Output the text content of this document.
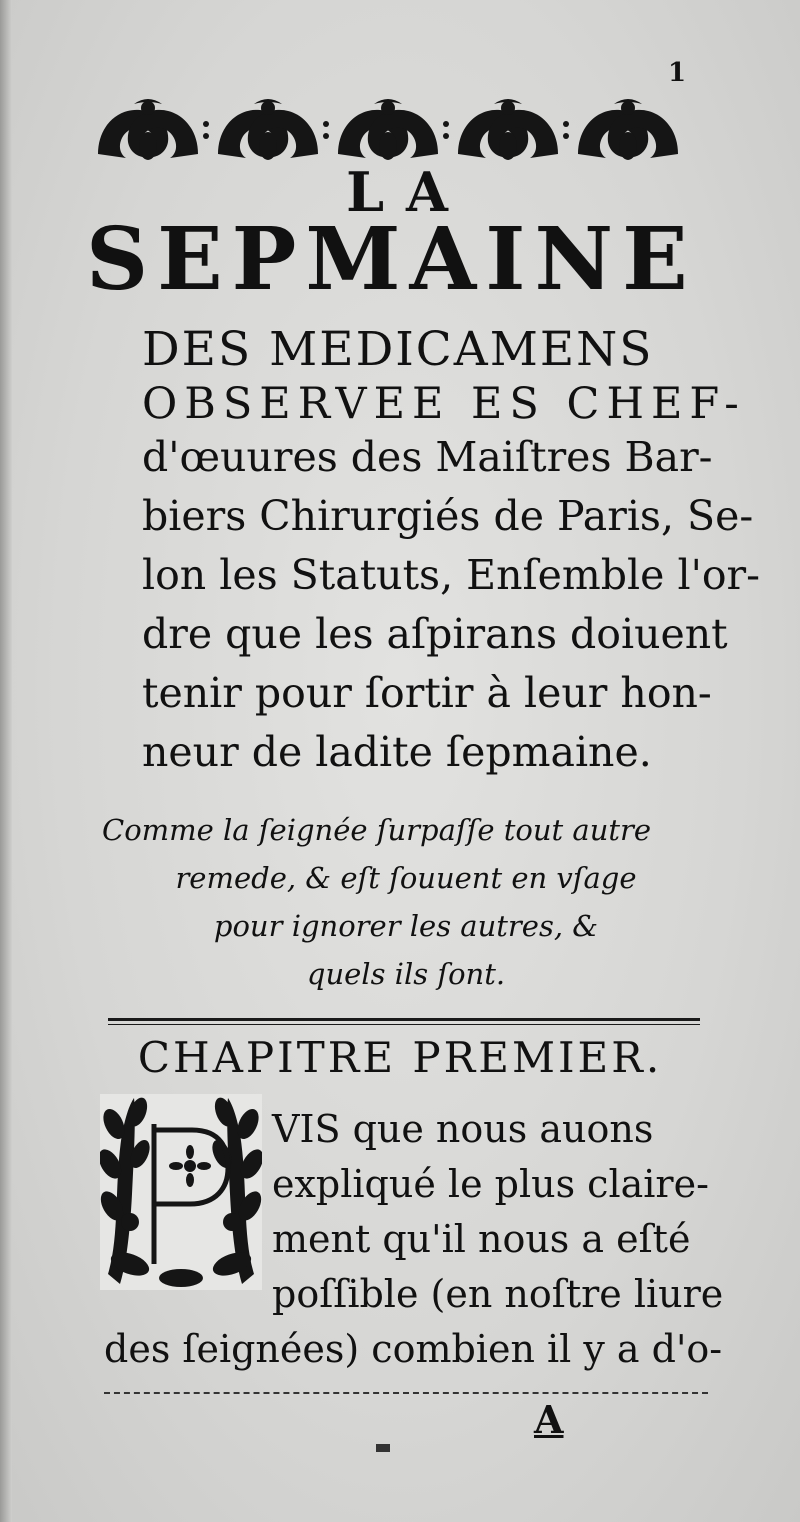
1
LA
SEPMAINE
DES MEDICAMENS
OBSERVEE ES CHEF-
d'œuures des Maiſtres Bar-
biers Chirurgiés de Paris, Se-
lon les Statuts, Enſemble l'or-
dre que les aſpirans doiuent
tenir pour ſortir à leur hon-
neur de ladite ſepmaine.
Comme la ſeignée ſurpaſſe tout autre
remede, & eſt ſouuent en vſage
pour ignorer les autres, &
quels ils ſont.
CHAPITRE PREMIER.
VIS que nous auons
expliqué le plus claire-
ment qu'il nous a eſté
poſſible (en noſtre liure
des ſeignées) combien il y a d'o-
A
